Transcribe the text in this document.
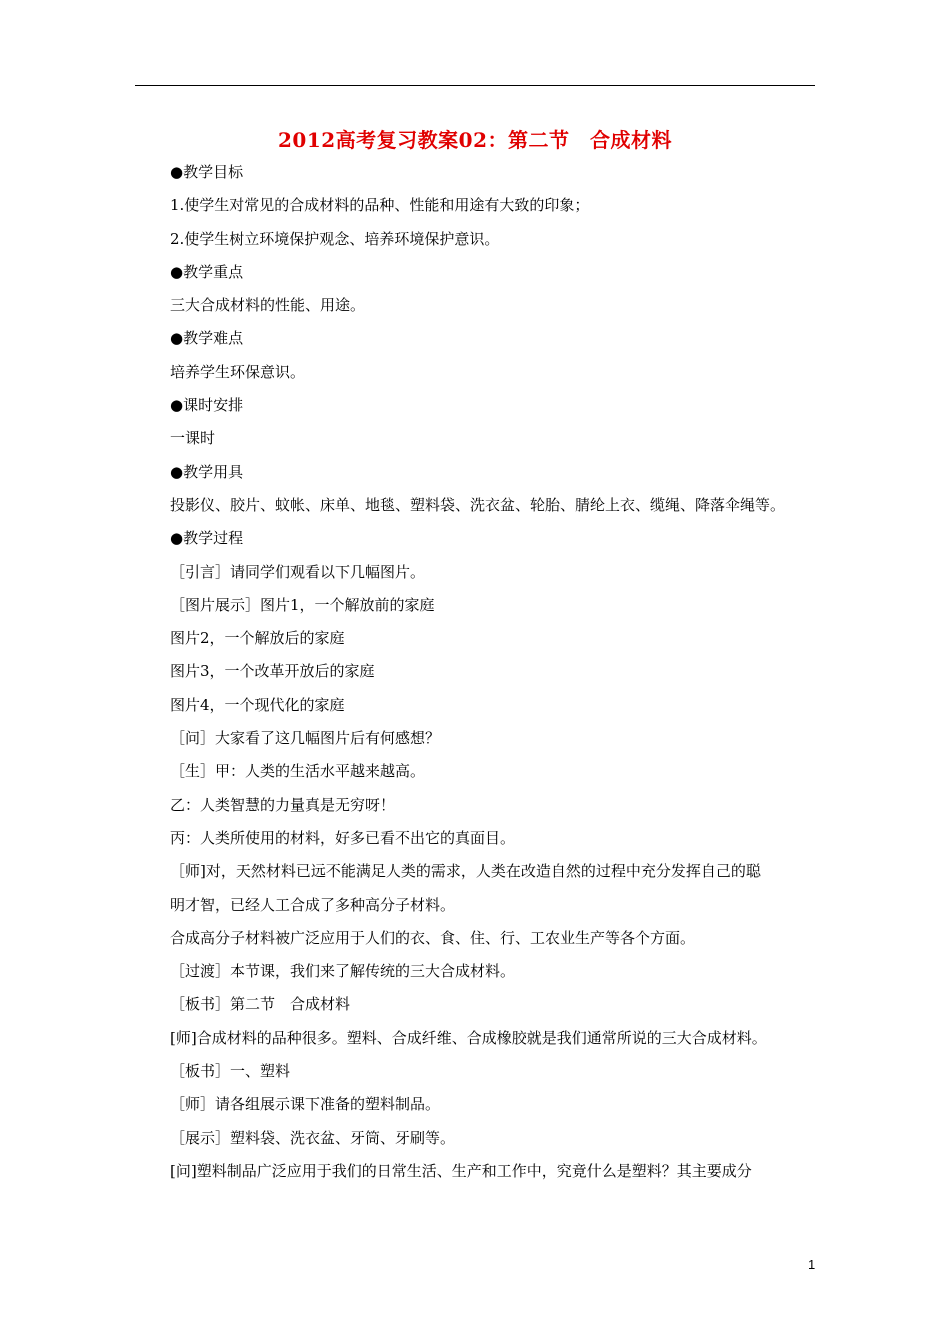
2012高考复习教案02：第二节　合成材料
●教学目标
1.使学生对常见的合成材料的品种、性能和用途有大致的印象；
2.使学生树立环境保护观念、培养环境保护意识。
●教学重点
三大合成材料的性能、用途。
●教学难点
培养学生环保意识。
●课时安排
一课时
●教学用具
投影仪、胶片、蚊帐、床单、地毯、塑料袋、洗衣盆、轮胎、腈纶上衣、缆绳、降落伞绳等。
●教学过程
［引言］请同学们观看以下几幅图片。
［图片展示］图片1，一个解放前的家庭
图片2，一个解放后的家庭
图片3，一个改革开放后的家庭
图片4，一个现代化的家庭
［问］大家看了这几幅图片后有何感想？
［生］甲：人类的生活水平越来越高。
乙：人类智慧的力量真是无穷呀！
丙：人类所使用的材料，好多已看不出它的真面目。
［师]对，天然材料已远不能满足人类的需求，人类在改造自然的过程中充分发挥自己的聪
明才智，已经人工合成了多种高分子材料。
合成高分子材料被广泛应用于人们的衣、食、住、行、工农业生产等各个方面。
［过渡］本节课，我们来了解传统的三大合成材料。
［板书］第二节　合成材料
[师]合成材料的品种很多。塑料、合成纤维、合成橡胶就是我们通常所说的三大合成材料。
［板书］一、塑料
［师］请各组展示课下准备的塑料制品。
［展示］塑料袋、洗衣盆、牙筒、牙刷等。
[问]塑料制品广泛应用于我们的日常生活、生产和工作中，究竟什么是塑料？其主要成分
1
